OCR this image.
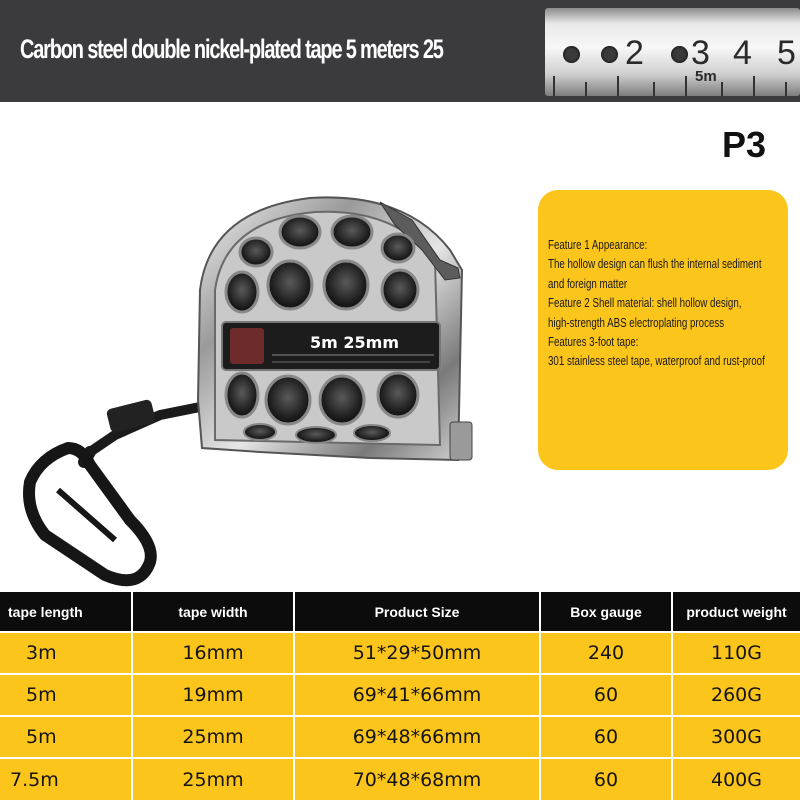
Carbon steel double nickel-plated tape 5 meters 25	2 3 4 5
5m
P3
5m 25mm
Feature 1 Appearance:
The hollow design can flush the internal sediment
and foreign matter
Feature 2 Shell material: shell hollow design,
high-strength ABS electroplating process
Features 3-foot tape:
301 stainless steel tape, waterproof and rust-proof
tape length	tape width	Product Size	Box gauge	product weight
3m	16mm	51*29*50mm	240	110G
5m	19mm	69*41*66mm	60	260G
5m	25mm	69*48*66mm	60	300G
7.5m	25mm	70*48*68mm	60	400G
